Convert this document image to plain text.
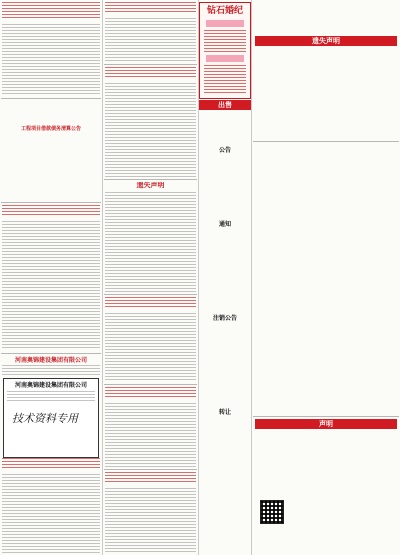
工程项目借款债务清算公告
河南奥锦建设集团有限公司
河南奥锦建设集团有限公司
技术资料专用
遗失声明
钻石婚纪
出售
公告
通知
注销公告
转让
遗失声明
声明
